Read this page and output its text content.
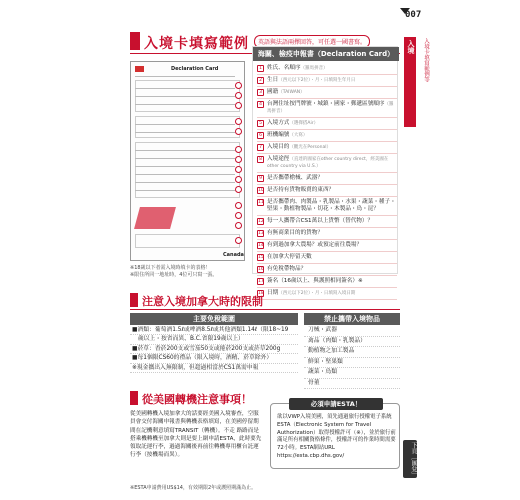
入境卡填寫範例	英語與法語兩擇回答，可任選一國書寫。
Declaration Card
Canada
※18歲以下者需入境時填卡的表格！
※限住所同一地址時，4位可只寫一張。
海關、檢疫申報書（Declaration Card）
1 姓氏、名順序（羅馬拼音）
2 生日（西元以下2位）・月・日填寫生年月日
3 國籍（TAIWAN）
4 台灣住址按門牌號・城鎮・國家・郵遞區號順序（羅馬拼音）
5 入境方式（選擇搭Air）
6 班機編號（大寫）
7 入境目的（觀光在Personal）
8 入境途徑（直達的國家在other country direct，經美國在other country via U.S.）
9 是否攜帶槍械、武器？
10 是否持有貨物販賣的東西？
11 是否攜帶肉、肉製品・乳製品・水果・蔬菜・種子・堅果・動植物製品・切花・木製品・鳥・昆？
12 每一人攜帶合CS1萬以上貨幣（替代物）？
13 有無商業目的的貨物？
14 有到過加拿大農場？或預定前往農場？
15 在加拿大停留天數
16 有免稅帶物品？
17 簽名（16歲以上、與護照相同簽名）※
18 日期（西元以下2位）・月・日填寫入境日期
注意入境加拿大時的限制
主要免稅範圍
■酒類：葡萄酒1.5ℓ或啤酒8.5ℓ或其他酒類1.14ℓ（限18~19
　歲以上・按省而異、B.C.省限19歲以上）
■菸草：香菸200支或雪茄50支或捲菸200支或菸草200g
■每1個限CS60的禮品（限入境時，酒精、菸草除外）
※現金攜出入無限制，但超過相當於CS1萬需申報
禁止攜帶入境物品
刀械・武器
禽品（肉類・乳製品）
動植物之加工製品
鮮果・堅果類
蔬菜・鳥類
骨董
從美國轉機注意事項！
從美國轉機入境加拿大的話要經美國入境審查，空服員會交付海關申報書與轉機表格填寫，在美國停留期間在記機剩意填寫TRANSIT（轉機）。不走 路路而是搭乘機轉機至加拿大則是要上網申請ESTA，此時要先領取託運行李，過過海關後再前往轉機專用櫃台託運行李（按機場而異）。
必須申請ESTA！
欲以VWP入境美國，須先通過旅行授權電子系統ESTA（Electronic System for Travel Authorization）取得授權許可（※），並於旅行前滿足所有相關資格條件，授權許可的作業時間需要72小時。ESTA網站URL https://esta.cbp.dhs.gov/
※ESTA申請費用US$14，有效期限2年或護照期滿為止。
007
入境	入境卡填寫範例等
下頁［匯兌］
